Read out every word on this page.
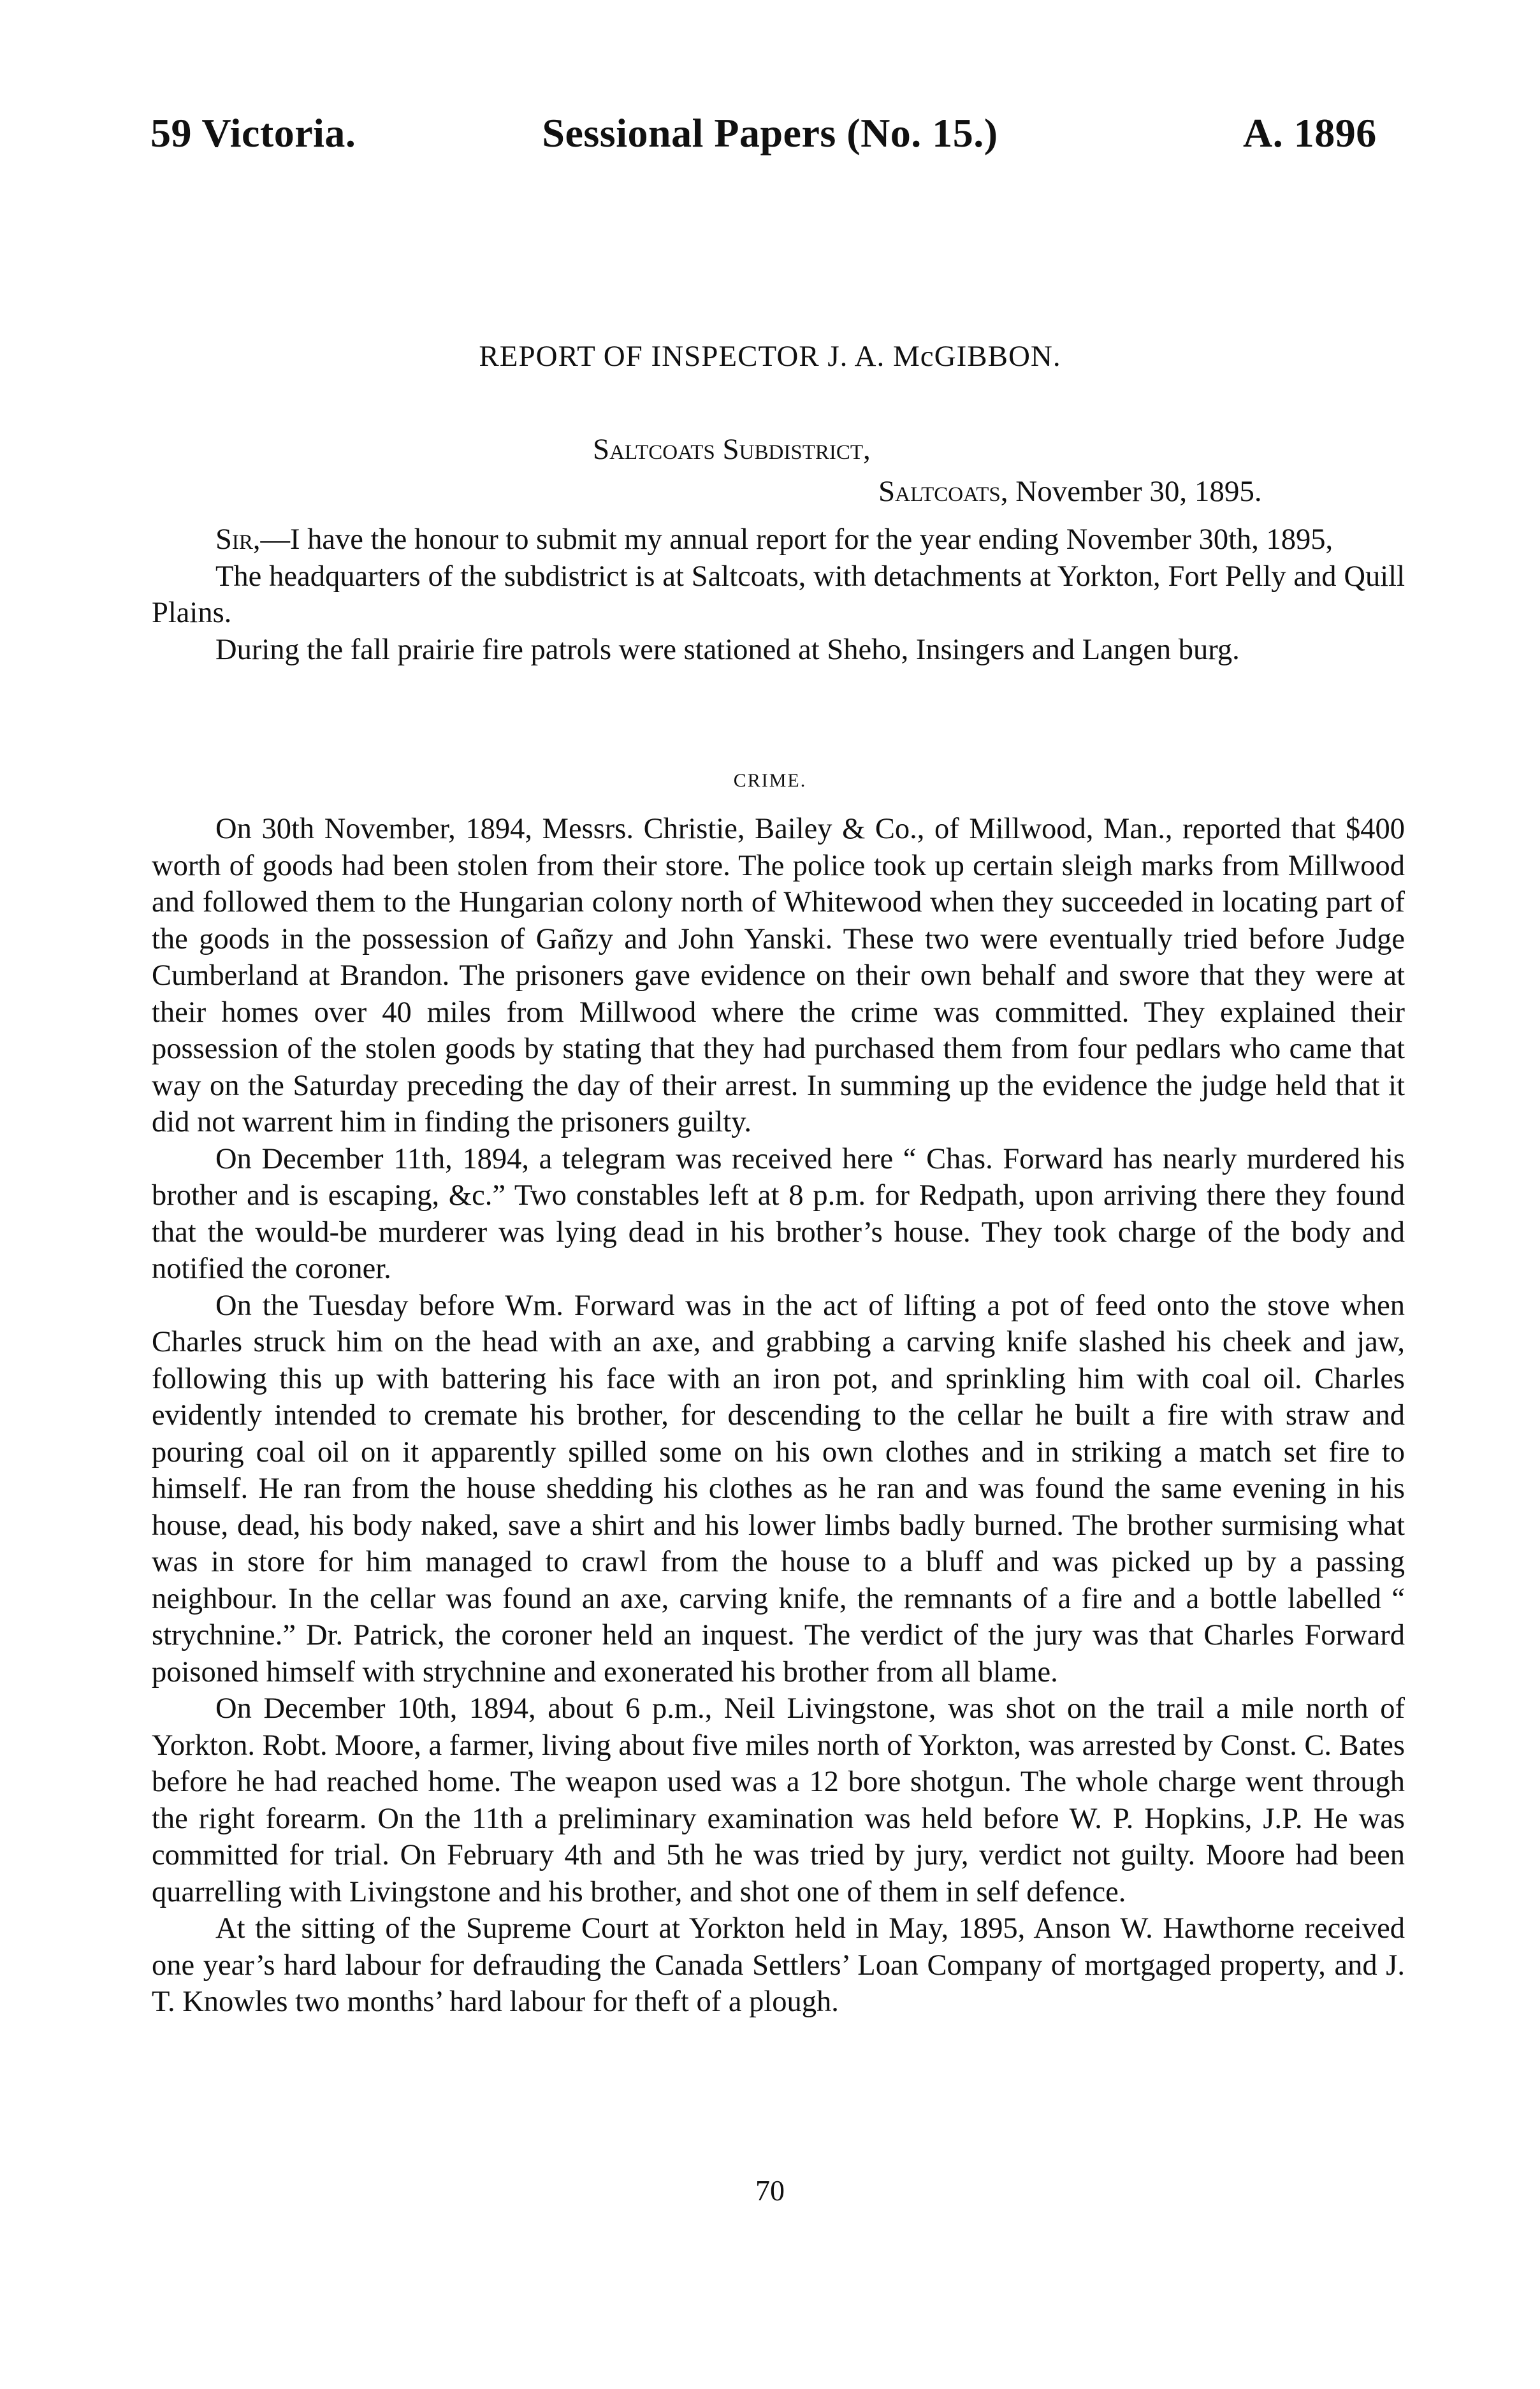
59 Victoria.	Sessional Papers (No. 15.)	A. 1896
REPORT OF INSPECTOR J. A. McGIBBON.
Saltcoats Subdistrict,
Saltcoats, November 30, 1895.

Sir,—I have the honour to submit my annual report for the year ending November 30th, 1895,

The headquarters of the subdistrict is at Saltcoats, with detachments at Yorkton, Fort Pelly and Quill Plains.

During the fall prairie fire patrols were stationed at Sheho, Insingers and Langen burg.

CRIME.

On 30th November, 1894, Messrs. Christie, Bailey & Co., of Millwood, Man., reported that $400 worth of goods had been stolen from their store. The police took up certain sleigh marks from Millwood and followed them to the Hungarian colony north of Whitewood when they succeeded in locating part of the goods in the possession of Gañzy and John Yanski. These two were eventually tried before Judge Cumberland at Brandon. The prisoners gave evidence on their own behalf and swore that they were at their homes over 40 miles from Millwood where the crime was committed. They explained their possession of the stolen goods by stating that they had purchased them from four pedlars who came that way on the Saturday preceding the day of their arrest. In summing up the evidence the judge held that it did not warrent him in finding the prisoners guilty.

On December 11th, 1894, a telegram was received here “ Chas. Forward has nearly murdered his brother and is escaping, &c.” Two constables left at 8 p.m. for Redpath, upon arriving there they found that the would-be murderer was lying dead in his brother’s house. They took charge of the body and notified the coroner.

On the Tuesday before Wm. Forward was in the act of lifting a pot of feed onto the stove when Charles struck him on the head with an axe, and grabbing a carving knife slashed his cheek and jaw, following this up with battering his face with an iron pot, and sprinkling him with coal oil. Charles evidently intended to cremate his brother, for descending to the cellar he built a fire with straw and pouring coal oil on it apparently spilled some on his own clothes and in striking a match set fire to himself. He ran from the house shedding his clothes as he ran and was found the same evening in his house, dead, his body naked, save a shirt and his lower limbs badly burned. The brother surmising what was in store for him managed to crawl from the house to a bluff and was picked up by a passing neighbour. In the cellar was found an axe, carving knife, the remnants of a fire and a bottle labelled “ strychnine.” Dr. Patrick, the coroner held an inquest. The verdict of the jury was that Charles Forward poisoned himself with strychnine and exonerated his brother from all blame.

On December 10th, 1894, about 6 p.m., Neil Livingstone, was shot on the trail a mile north of Yorkton. Robt. Moore, a farmer, living about five miles north of Yorkton, was arrested by Const. C. Bates before he had reached home. The weapon used was a 12 bore shotgun. The whole charge went through the right forearm. On the 11th a preliminary examination was held before W. P. Hopkins, J.P. He was committed for trial. On February 4th and 5th he was tried by jury, verdict not guilty. Moore had been quarrelling with Livingstone and his brother, and shot one of them in self defence.

At the sitting of the Supreme Court at Yorkton held in May, 1895, Anson W. Hawthorne received one year’s hard labour for defrauding the Canada Settlers’ Loan Company of mortgaged property, and J. T. Knowles two months’ hard labour for theft of a plough.

70
